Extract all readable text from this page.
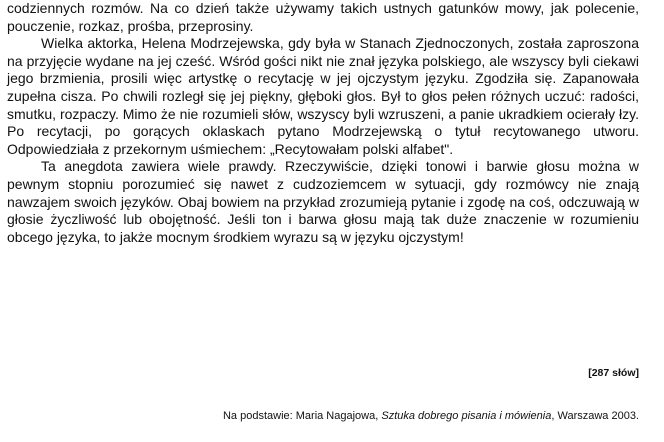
codziennych rozmów. Na co dzień także używamy takich ustnych gatunków mowy, jak polecenie, pouczenie, rozkaz, prośba, przeprosiny.

Wielka aktorka, Helena Modrzejewska, gdy była w Stanach Zjednoczonych, została zaproszona na przyjęcie wydane na jej cześć. Wśród gości nikt nie znał języka polskiego, ale wszyscy byli ciekawi jego brzmienia, prosili więc artystkę o recytację w jej ojczystym języku. Zgodziła się. Zapanowała zupełna cisza. Po chwili rozległ się jej piękny, głęboki głos. Był to głos pełen różnych uczuć: radości, smutku, rozpaczy. Mimo że nie rozumieli słów, wszyscy byli wzruszeni, a panie ukradkiem ocierały łzy. Po recytacji, po gorących oklaskach pytano Modrzejewską o tytuł recytowanego utworu. Odpowiedziała z przekornym uśmiechem: „Recytowałam polski alfabet".

Ta anegdota zawiera wiele prawdy. Rzeczywiście, dzięki tonowi i barwie głosu można w pewnym stopniu porozumieć się nawet z cudzoziemcem w sytuacji, gdy rozmówcy nie znają nawzajem swoich języków. Obaj bowiem na przykład zrozumieją pytanie i zgodę na coś, odczuwają w głosie życzliwość lub obojętność. Jeśli ton i barwa głosu mają tak duże znaczenie w rozumieniu obcego języka, to jakże mocnym środkiem wyrazu są w języku ojczystym!

[287 słów]
Na podstawie: Maria Nagajowa, Sztuka dobrego pisania i mówienia, Warszawa 2003.
